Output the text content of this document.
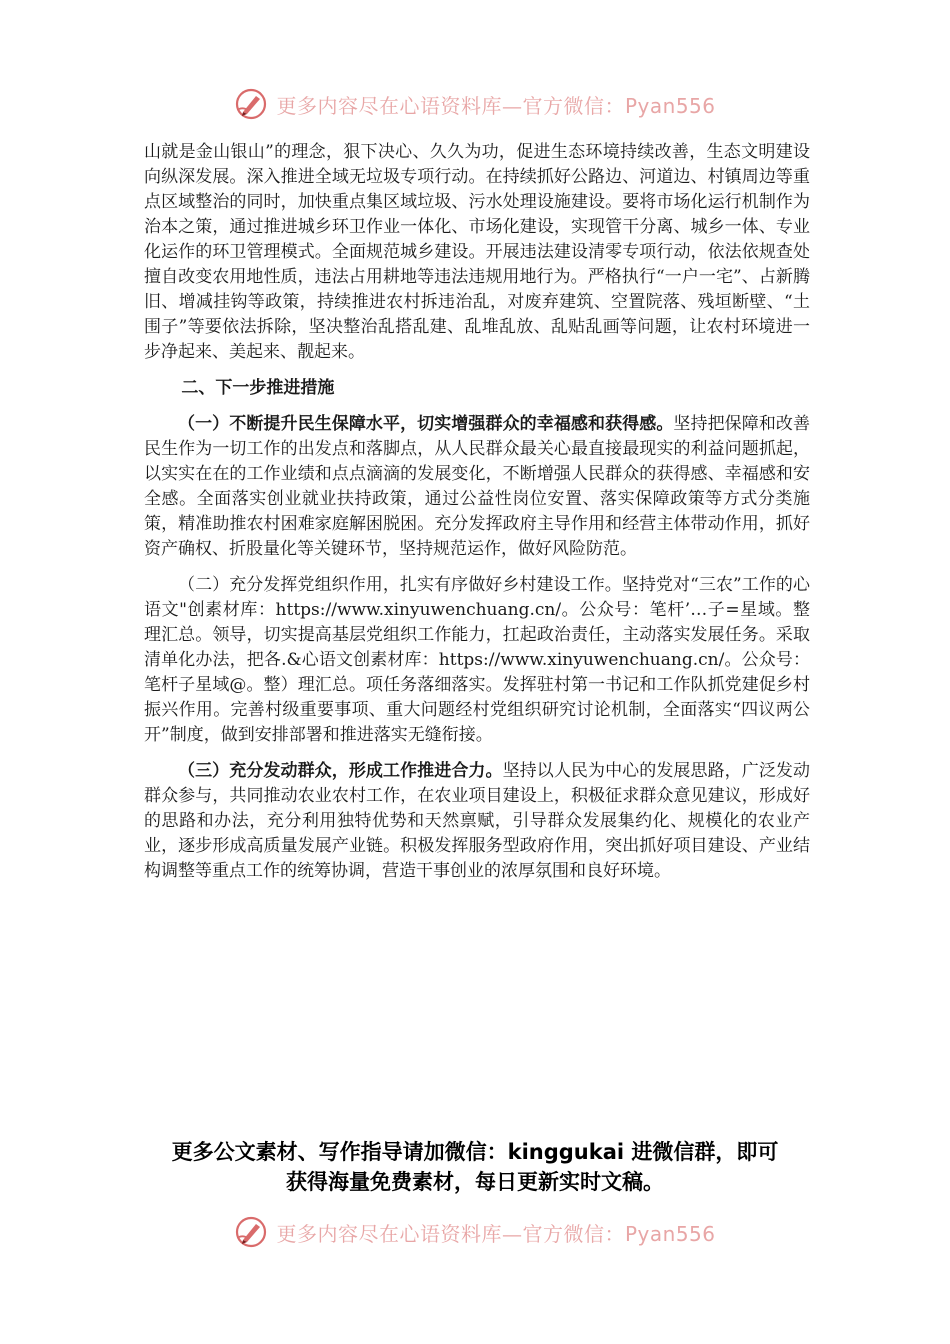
更多内容尽在心语资料库—官方微信：Pyan556

山就是金山银山”的理念，狠下决心、久久为功，促进生态环境持续改善，生态文明建设向纵深发展。深入推进全域无垃圾专项行动。在持续抓好公路边、河道边、村镇周边等重点区域整治的同时，加快重点集区域垃圾、污水处理设施建设。要将市场化运行机制作为治本之策，通过推进城乡环卫作业一体化、市场化建设，实现管干分离、城乡一体、专业化运作的环卫管理模式。全面规范城乡建设。开展违法建设清零专项行动，依法依规查处擅自改变农用地性质，违法占用耕地等违法违规用地行为。严格执行“一户一宅”、占新腾旧、增减挂钩等政策，持续推进农村拆违治乱，对废弃建筑、空置院落、残垣断壁、“土围子”等要依法拆除，坚决整治乱搭乱建、乱堆乱放、乱贴乱画等问题，让农村环境进一步净起来、美起来、靓起来。

二、下一步推进措施

（一）不断提升民生保障水平，切实增强群众的幸福感和获得感。坚持把保障和改善民生作为一切工作的出发点和落脚点，从人民群众最关心最直接最现实的利益问题抓起，以实实在在的工作业绩和点点滴滴的发展变化，不断增强人民群众的获得感、幸福感和安全感。全面落实创业就业扶持政策，通过公益性岗位安置、落实保障政策等方式分类施策，精准助推农村困难家庭解困脱困。充分发挥政府主导作用和经营主体带动作用，抓好资产确权、折股量化等关键环节，坚持规范运作，做好风险防范。

（二）充分发挥党组织作用，扎实有序做好乡村建设工作。坚持党对“三农”工作的心语文"创素材库：https://www.xinyuwenchuang.cn/。公众号：笔杆’…子=星域。整理汇总。领导，切实提高基层党组织工作能力，扛起政治责任，主动落实发展任务。采取清单化办法，把各.&心语文创素材库：https://www.xinyuwenchuang.cn/。公众号：笔杆子星域@。整）理汇总。项任务落细落实。发挥驻村第一书记和工作队抓党建促乡村振兴作用。完善村级重要事项、重大问题经村党组织研究讨论机制，全面落实“四议两公开”制度，做到安排部署和推进落实无缝衔接。

（三）充分发动群众，形成工作推进合力。坚持以人民为中心的发展思路，广泛发动群众参与，共同推动农业农村工作，在农业项目建设上，积极征求群众意见建议，形成好的思路和办法，充分利用独特优势和天然禀赋，引导群众发展集约化、规模化的农业产业，逐步形成高质量发展产业链。积极发挥服务型政府作用，突出抓好项目建设、产业结构调整等重点工作的统筹协调，营造干事创业的浓厚氛围和良好环境。

更多公文素材、写作指导请加微信：kinggukai 进微信群，即可
获得海量免费素材，每日更新实时文稿。
更多内容尽在心语资料库—官方微信：Pyan556
